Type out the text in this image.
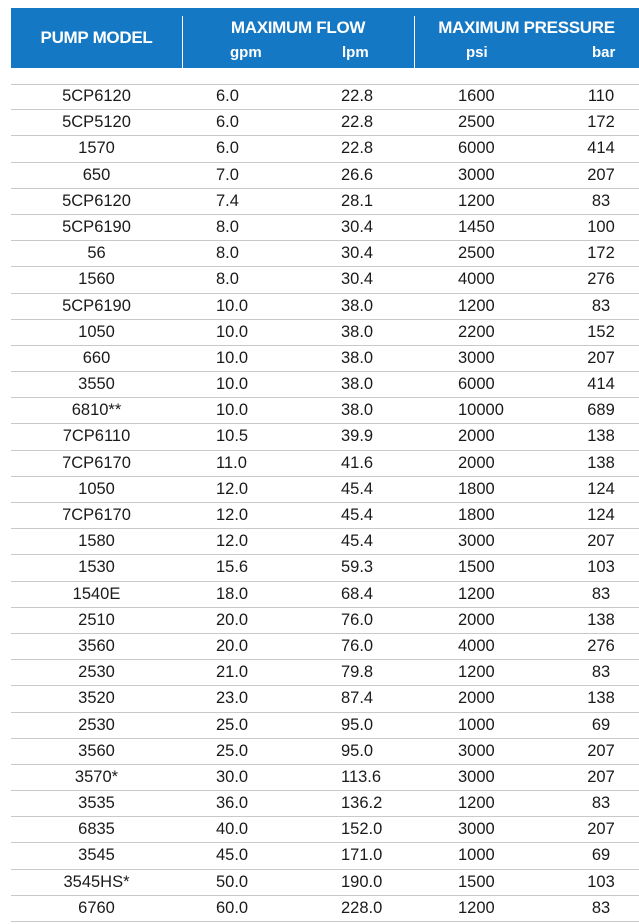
PUMP MODEL
MAXIMUM FLOW
gpm	lpm
MAXIMUM PRESSURE
psi	bar
5CP6120	6.0	22.8	1600	110
5CP5120	6.0	22.8	2500	172
1570	6.0	22.8	6000	414
650	7.0	26.6	3000	207
5CP6120	7.4	28.1	1200	83
5CP6190	8.0	30.4	1450	100
56	8.0	30.4	2500	172
1560	8.0	30.4	4000	276
5CP6190	10.0	38.0	1200	83
1050	10.0	38.0	2200	152
660	10.0	38.0	3000	207
3550	10.0	38.0	6000	414
6810**	10.0	38.0	10000	689
7CP6110	10.5	39.9	2000	138
7CP6170	11.0	41.6	2000	138
1050	12.0	45.4	1800	124
7CP6170	12.0	45.4	1800	124
1580	12.0	45.4	3000	207
1530	15.6	59.3	1500	103
1540E	18.0	68.4	1200	83
2510	20.0	76.0	2000	138
3560	20.0	76.0	4000	276
2530	21.0	79.8	1200	83
3520	23.0	87.4	2000	138
2530	25.0	95.0	1000	69
3560	25.0	95.0	3000	207
3570*	30.0	113.6	3000	207
3535	36.0	136.2	1200	83
6835	40.0	152.0	3000	207
3545	45.0	171.0	1000	69
3545HS*	50.0	190.0	1500	103
6760	60.0	228.0	1200	83
